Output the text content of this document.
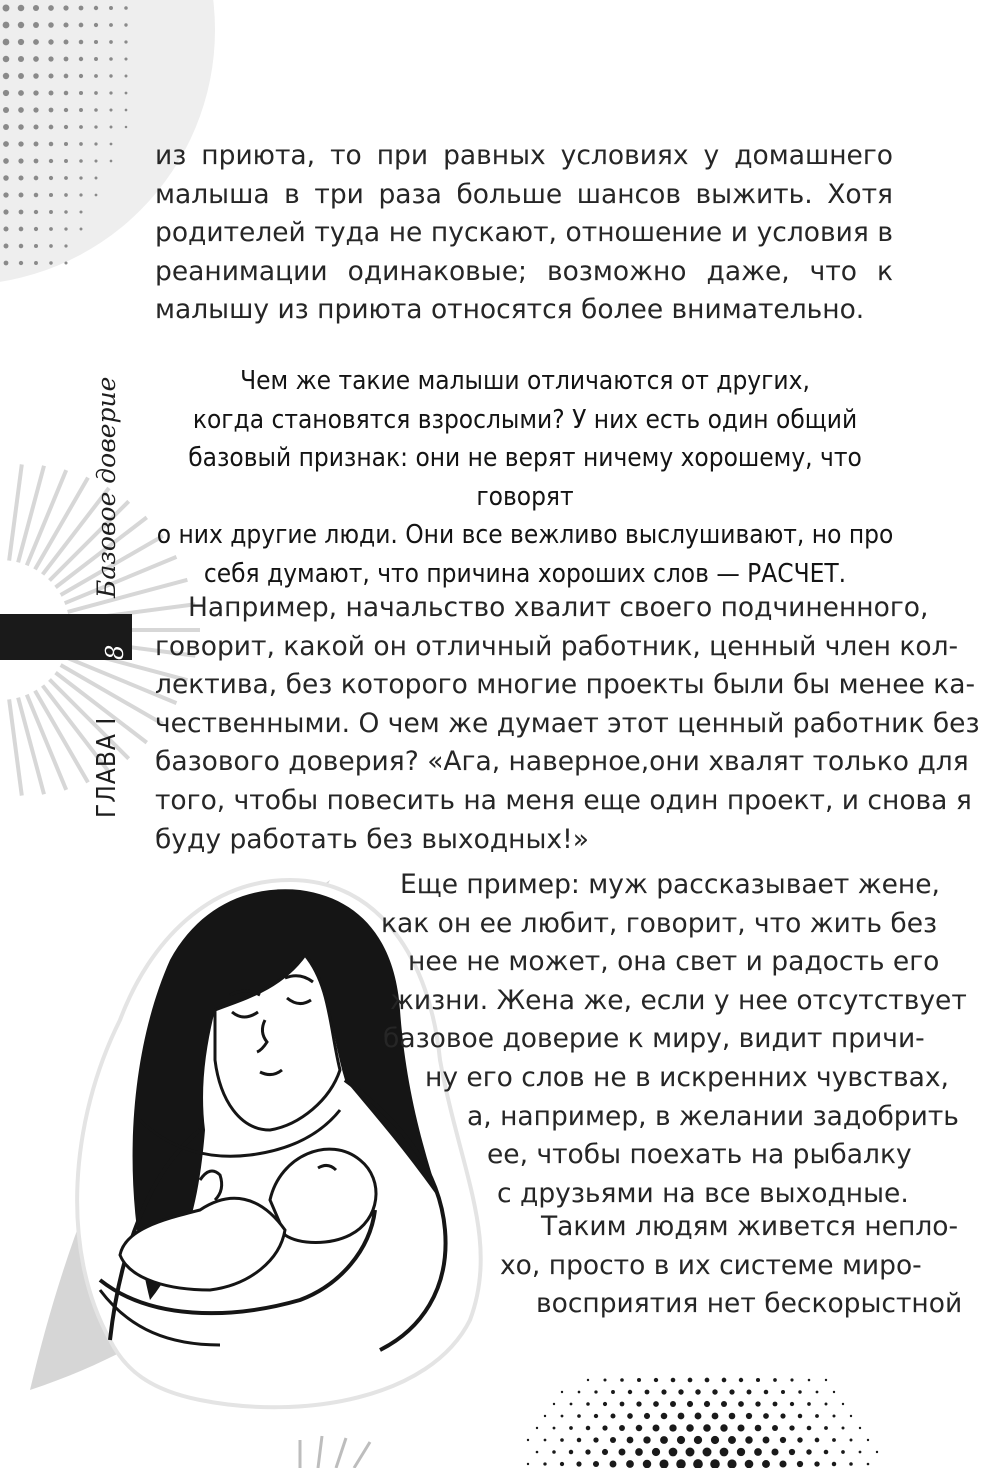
8
ГЛАВА I
Базовое доверие

из приюта, то при равных условиях у домашнего малыша в три раза больше шансов выжить. Хотя родителей туда не пускают, отношение и условия в реанимации одинаковые; возможно даже, что к малышу из приюта относятся более внимательно.

Чем же такие малыши отличаются от других,
когда становятся взрослыми? У них есть один общий
базовый признак: они не верят ничему хорошему, что говорят
о них другие люди. Они все вежливо выслушивают, но про
себя думают, что причина хороших слов — РАСЧЕТ.
Например, начальство хвалит своего подчиненного,
говорит, какой он отличный работник, ценный член кол-
лектива, без которого многие проекты были бы менее ка-
чественными. О чем же думает этот ценный работник без
базового доверия? «Ага, наверное,они хвалят только для
того, чтобы повесить на меня еще один проект, и снова я
буду работать без выходных!»
Еще пример: муж рассказывает жене,
как он ее любит, говорит, что жить без
нее не может, она свет и радость его
жизни. Жена же, если у нее отсутствует
базовое доверие к миру, видит причи-
ну его слов не в искренних чувствах,
а, например, в желании задобрить
ее, чтобы поехать на рыбалку
с друзьями на все выходные.
Таким людям живется непло-
хо, просто в их системе миро-
восприятия нет бескорыстной
